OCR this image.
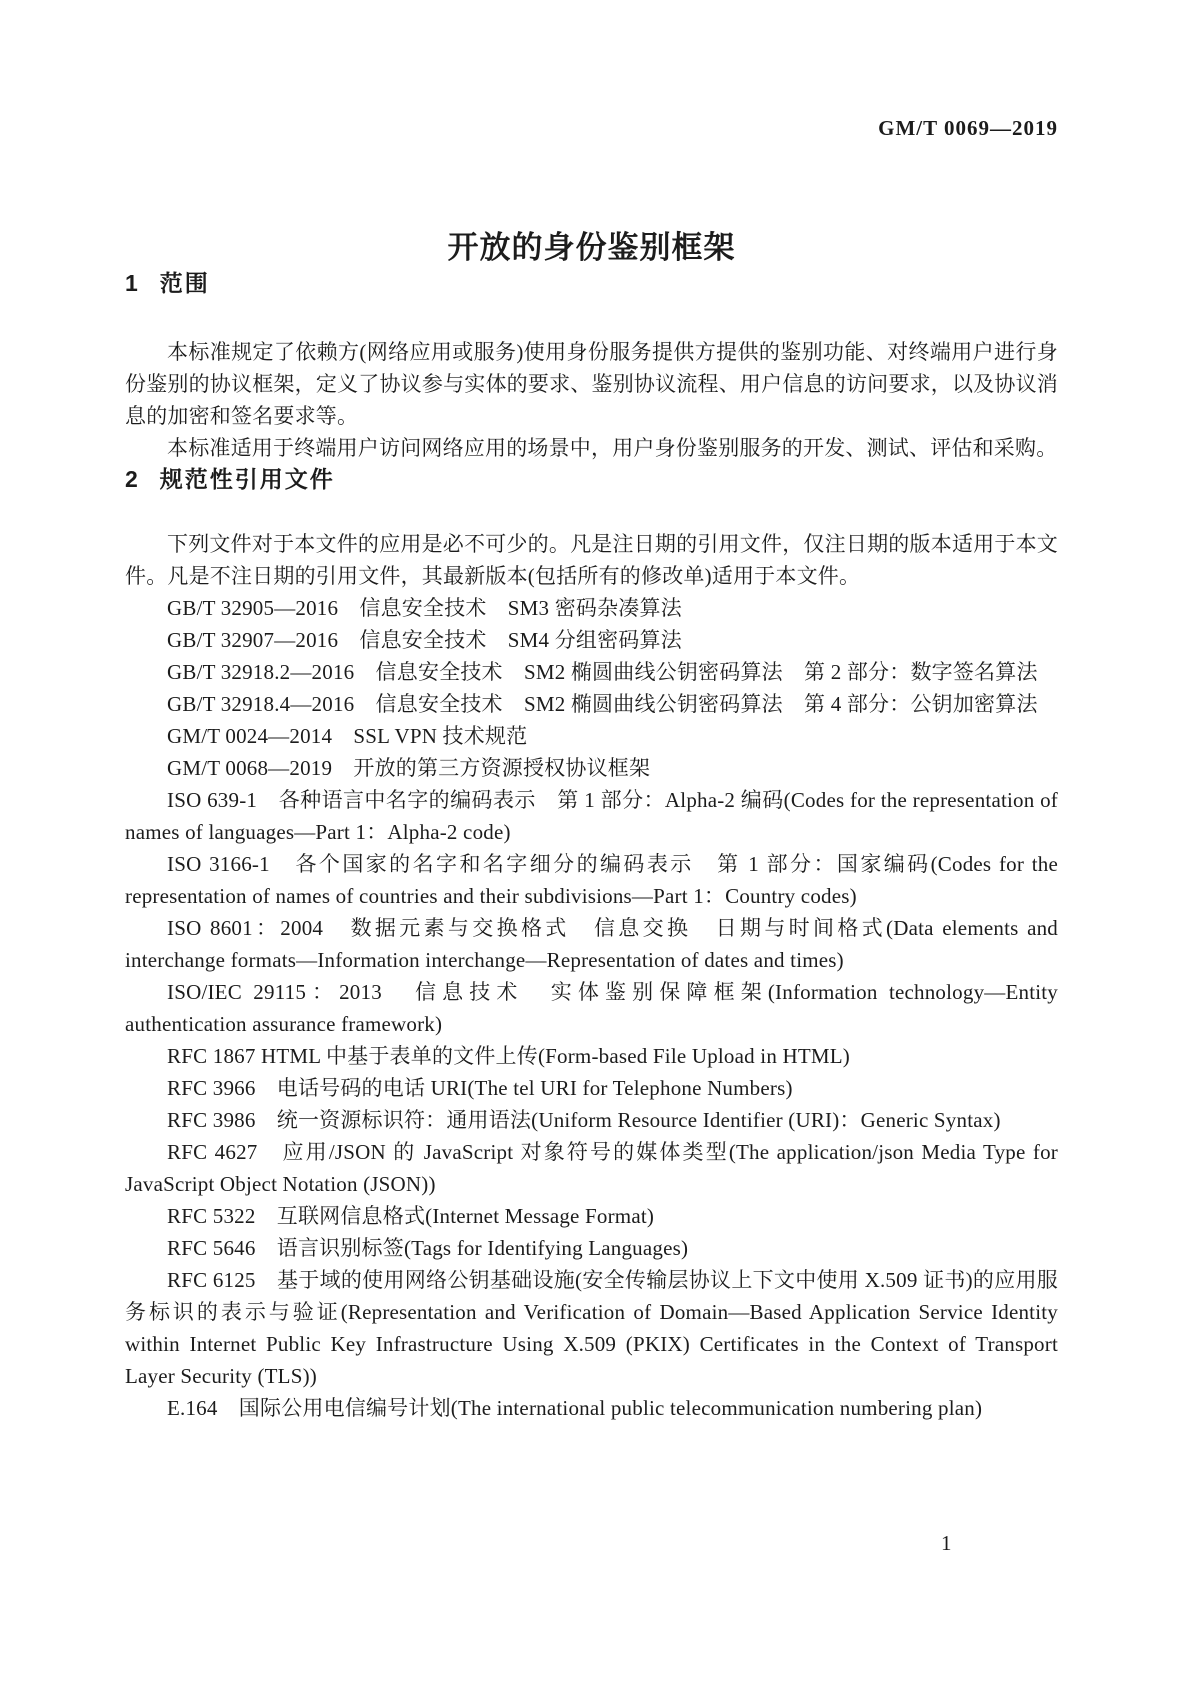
GM/T 0069—2019
开放的身份鉴别框架
1 范围

本标准规定了依赖方(网络应用或服务)使用身份服务提供方提供的鉴别功能、对终端用户进行身份鉴别的协议框架，定义了协议参与实体的要求、鉴别协议流程、用户信息的访问要求，以及协议消息的加密和签名要求等。

本标准适用于终端用户访问网络应用的场景中，用户身份鉴别服务的开发、测试、评估和采购。

2 规范性引用文件

下列文件对于本文件的应用是必不可少的。凡是注日期的引用文件，仅注日期的版本适用于本文件。凡是不注日期的引用文件，其最新版本(包括所有的修改单)适用于本文件。

GB/T 32905—2016　信息安全技术　SM3 密码杂凑算法

GB/T 32907—2016　信息安全技术　SM4 分组密码算法

GB/T 32918.2—2016　信息安全技术　SM2 椭圆曲线公钥密码算法　第 2 部分：数字签名算法

GB/T 32918.4—2016　信息安全技术　SM2 椭圆曲线公钥密码算法　第 4 部分：公钥加密算法

GM/T 0024—2014　SSL VPN 技术规范

GM/T 0068—2019　开放的第三方资源授权协议框架

ISO 639-1　各种语言中名字的编码表示　第 1 部分：Alpha-2 编码(Codes for the representation of names of languages—Part 1：Alpha-2 code)

ISO 3166-1　各个国家的名字和名字细分的编码表示　第 1 部分：国家编码(Codes for the representation of names of countries and their subdivisions—Part 1：Country codes)

ISO 8601：2004　数据元素与交换格式　信息交换　日期与时间格式(Data elements and interchange formats—Information interchange—Representation of dates and times)

ISO/IEC 29115：2013　信息技术　实体鉴别保障框架(Information technology—Entity authentication assurance framework)

RFC 1867 HTML 中基于表单的文件上传(Form-based File Upload in HTML)

RFC 3966　电话号码的电话 URI(The tel URI for Telephone Numbers)

RFC 3986　统一资源标识符：通用语法(Uniform Resource Identifier (URI)：Generic Syntax)

RFC 4627　应用/JSON 的 JavaScript 对象符号的媒体类型(The application/json Media Type for JavaScript Object Notation (JSON))

RFC 5322　互联网信息格式(Internet Message Format)

RFC 5646　语言识别标签(Tags for Identifying Languages)

RFC 6125　基于域的使用网络公钥基础设施(安全传输层协议上下文中使用 X.509 证书)的应用服务标识的表示与验证(Representation and Verification of Domain—Based Application Service Identity within Internet Public Key Infrastructure Using X.509 (PKIX) Certificates in the Context of Transport Layer Security (TLS))

E.164　国际公用电信编号计划(The international public telecommunication numbering plan)

1
